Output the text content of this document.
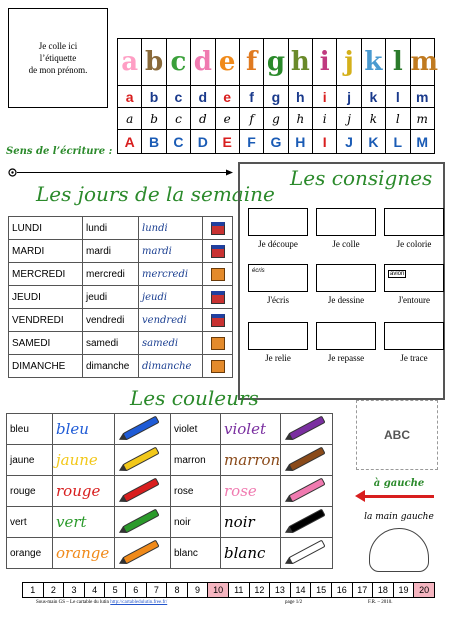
Je colle ici
l’étiquette
de mon prénom. a	b	c	d	e	f	g	h	i	j	k	l	m
a	b	c	d	e	f	g	h	i	j	k	l	m
a	b	c	d	e	f	g	h	i	j	k	l	m
A	B	C	D	E	F	G	H	I	J	K	L	M
Sens de l’écriture :
Les jours de la semaine
LUNDI	lundi	lundi	
MARDI	mardi	mardi	
MERCREDI	mercredi	mercredi	
JEUDI	jeudi	jeudi	
VENDREDI	vendredi	vendredi	
SAMEDI	samedi	samedi	
DIMANCHE	dimanche	dimanche	
Les consignes
Je découpe	Je colle	Je colorie
J'écris	Je dessine	J'entoure
Je relie	Je repasse	Je trace
écris	avion
Les couleurs
bleu	bleu		violet	violet	
jaune	jaune		marron	marron	
rouge	rouge		rose	rose	
vert	vert		noir	noir	
orange	orange		blanc	blanc	
ABC
à gauche
la main gauche
1	2	3	4	5	6	7	8	9	10	11	12	13	14	15	16	17	18	19	20
Sous-main GS – Le cartable du lutin http://cartabledulutin.free.fr/	page 1/2	F.R. – 2010.
